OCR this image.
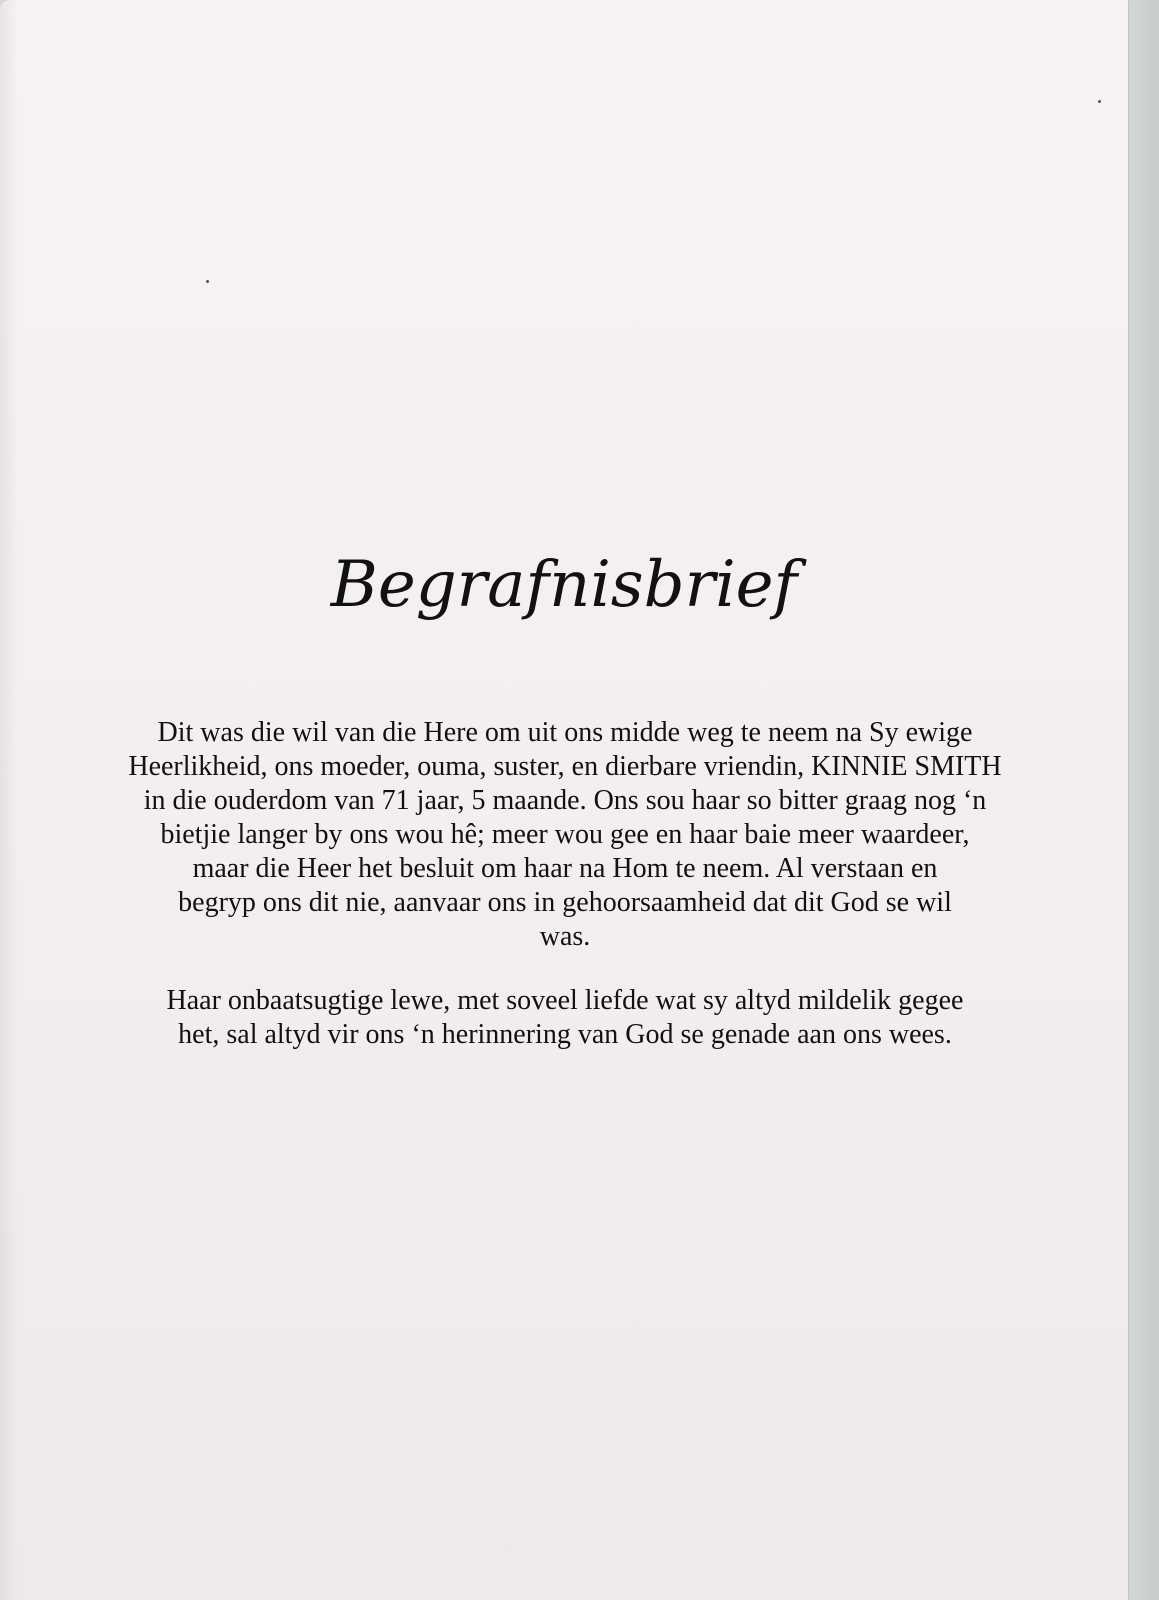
Begrafnisbrief
Dit was die wil van die Here om uit ons midde weg te neem na Sy ewige
Heerlikheid, ons moeder, ouma, suster, en dierbare vriendin, KINNIE SMITH
in die ouderdom van 71 jaar, 5 maande. Ons sou haar so bitter graag nog ‘n
bietjie langer by ons wou hê; meer wou gee en haar baie meer waardeer,
maar die Heer het besluit om haar na Hom te neem. Al verstaan en
begryp ons dit nie, aanvaar ons in gehoorsaamheid dat dit God se wil
was.
Haar onbaatsugtige lewe, met soveel liefde wat sy altyd mildelik gegee
het, sal altyd vir ons ‘n herinnering van God se genade aan ons wees.
